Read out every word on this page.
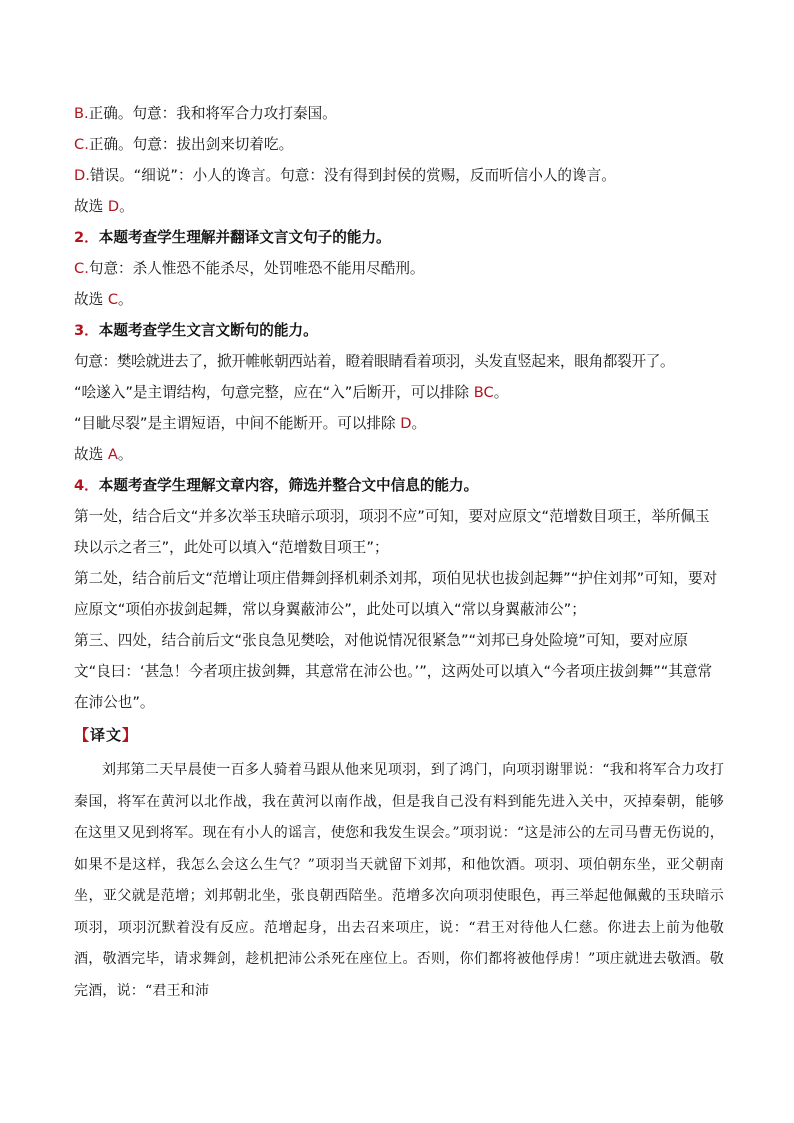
B.正确。句意：我和将军合力攻打秦国。

C.正确。句意：拔出剑来切着吃。

D.错误。“细说”：小人的谗言。句意：没有得到封侯的赏赐，反而听信小人的谗言。

故选 D。

2．本题考查学生理解并翻译文言文句子的能力。

C.句意：杀人惟恐不能杀尽，处罚唯恐不能用尽酷刑。

故选 C。

3．本题考查学生文言文断句的能力。

句意：樊哙就进去了，掀开帷帐朝西站着，瞪着眼睛看着项羽，头发直竖起来，眼角都裂开了。

“哙遂入”是主谓结构，句意完整，应在“入”后断开，可以排除 BC。

“目眦尽裂”是主谓短语，中间不能断开。可以排除 D。

故选 A。

4．本题考查学生理解文章内容，筛选并整合文中信息的能力。

第一处，结合后文“并多次举玉玦暗示项羽，项羽不应”可知，要对应原文“范增数目项王，举所佩玉玦以示之者三”，此处可以填入“范增数目项王”；

第二处，结合前后文“范增让项庄借舞剑择机刺杀刘邦，项伯见状也拔剑起舞”“护住刘邦”可知，要对应原文“项伯亦拔剑起舞，常以身翼蔽沛公”，此处可以填入“常以身翼蔽沛公”；

第三、四处，结合前后文“张良急见樊哙，对他说情况很紧急”“刘邦已身处险境”可知，要对应原文“良曰：‘甚急！今者项庄拔剑舞，其意常在沛公也。’”，这两处可以填入“今者项庄拔剑舞”“其意常在沛公也”。

【译文】

刘邦第二天早晨使一百多人骑着马跟从他来见项羽，到了鸿门，向项羽谢罪说：“我和将军合力攻打秦国，将军在黄河以北作战，我在黄河以南作战，但是我自己没有料到能先进入关中，灭掉秦朝，能够在这里又见到将军。现在有小人的谣言，使您和我发生误会。”项羽说：“这是沛公的左司马曹无伤说的，如果不是这样，我怎么会这么生气？”项羽当天就留下刘邦，和他饮酒。项羽、项伯朝东坐，亚父朝南坐，亚父就是范增；刘邦朝北坐，张良朝西陪坐。范增多次向项羽使眼色，再三举起他佩戴的玉玦暗示项羽，项羽沉默着没有反应。范增起身，出去召来项庄，说：“君王对待他人仁慈。你进去上前为他敬酒，敬酒完毕，请求舞剑，趁机把沛公杀死在座位上。否则，你们都将被他俘虏！”项庄就进去敬酒。敬完酒，说：“君王和沛
